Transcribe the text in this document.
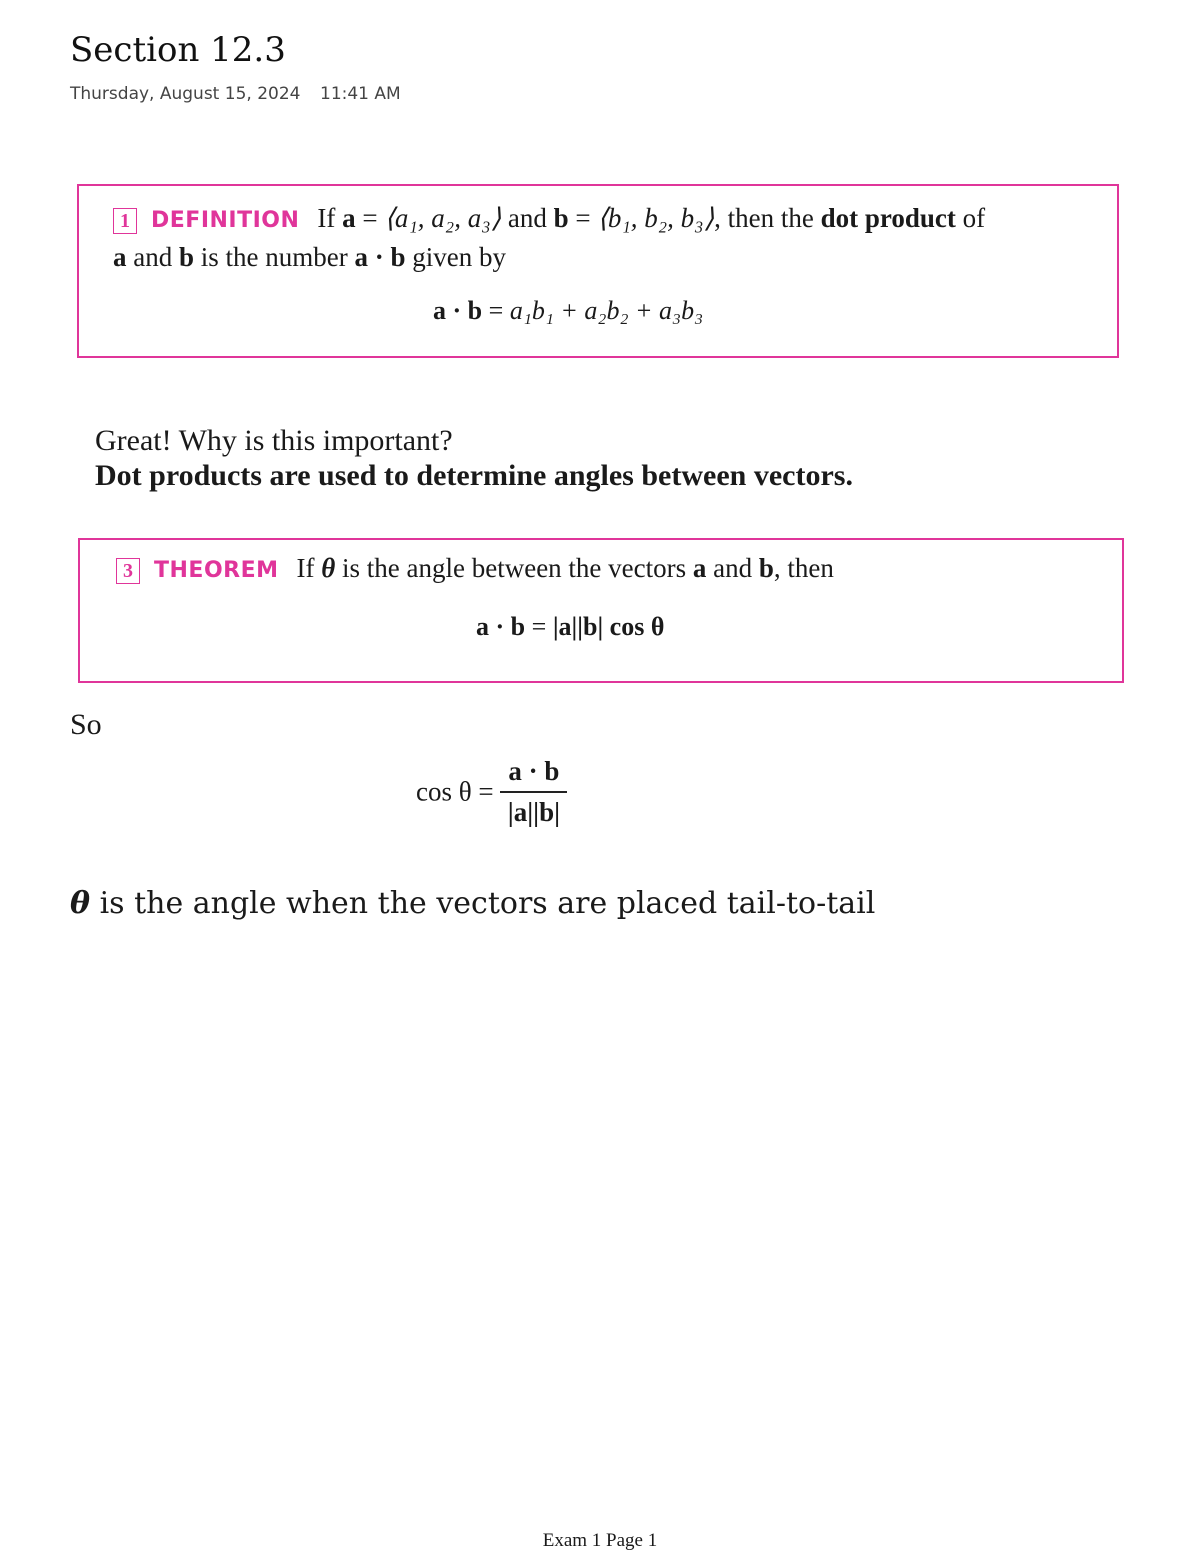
Section 12.3
Thursday, August 15, 2024 11:41 AM
1 DEFINITION If a = ⟨a₁, a₂, a₃⟩ and b = ⟨b₁, b₂, b₃⟩, then the dot product of
a and b is the number a · b given by
a · b = a₁b₁ + a₂b₂ + a₃b₃
Great! Why is this important?
Dot products are used to determine angles between vectors.
3 THEOREM If θ is the angle between the vectors a and b, then
a · b = |a||b| cos θ
So
$\cos \theta = \frac{a \cdot b}{|a||b|}$
θ is the angle when the vectors are placed tail-to-tail
Exam 1 Page 1
